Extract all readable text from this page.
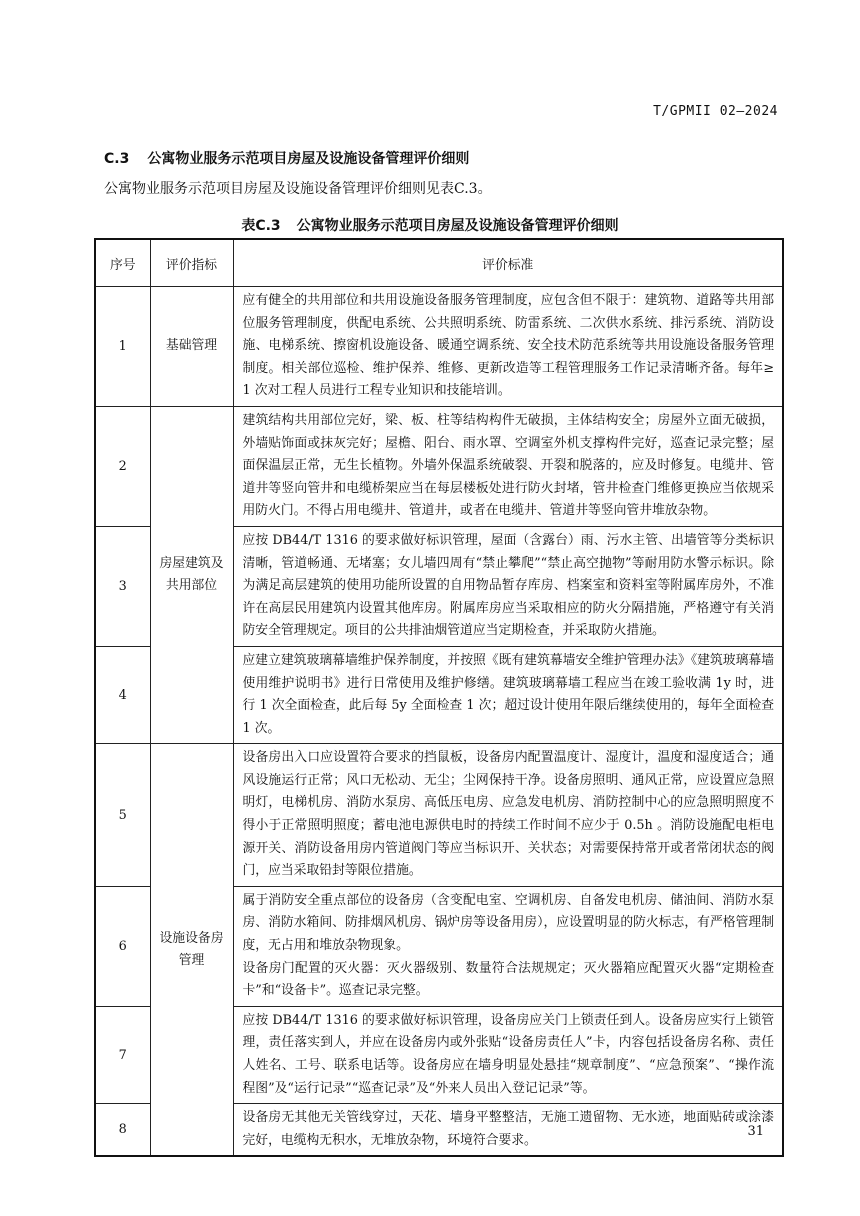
T/GPMII 02—2024
C.3 公寓物业服务示范项目房屋及设施设备管理评价细则
公寓物业服务示范项目房屋及设施设备管理评价细则见表C.3。
表C.3 公寓物业服务示范项目房屋及设施设备管理评价细则
序号	评价指标	评价标准
1	基础管理	应有健全的共用部位和共用设施设备服务管理制度，应包含但不限于：建筑物、道路等共用部位服务管理制度，供配电系统、公共照明系统、防雷系统、二次供水系统、排污系统、消防设施、电梯系统、擦窗机设施设备、暖通空调系统、安全技术防范系统等共用设施设备服务管理制度。相关部位巡检、维护保养、维修、更新改造等工程管理服务工作记录清晰齐备。每年≥ 1 次对工程人员进行工程专业知识和技能培训。

2	房屋建筑及共用部位	建筑结构共用部位完好，梁、板、柱等结构构件无破损，主体结构安全；房屋外立面无破损，外墙贴饰面或抹灰完好；屋檐、阳台、雨水罩、空调室外机支撑构件完好，巡查记录完整；屋面保温层正常，无生长植物。外墙外保温系统破裂、开裂和脱落的，应及时修复。电缆井、管道井等竖向管井和电缆桥架应当在每层楼板处进行防火封堵，管井检查门维修更换应当依规采用防火门。不得占用电缆井、管道井，或者在电缆井、管道井等竖向管井堆放杂物。

3		应按 DB44/T 1316 的要求做好标识管理，屋面（含露台）雨、污水主管、出墙管等分类标识清晰，管道畅通、无堵塞；女儿墙四周有“禁止攀爬”“禁止高空抛物”等耐用防水警示标识。除为满足高层建筑的使用功能所设置的自用物品暂存库房、档案室和资料室等附属库房外，不准许在高层民用建筑内设置其他库房。附属库房应当采取相应的防火分隔措施，严格遵守有关消防安全管理规定。项目的公共排油烟管道应当定期检查，并采取防火措施。

4		应建立建筑玻璃幕墙维护保养制度，并按照《既有建筑幕墙安全维护管理办法》《建筑玻璃幕墙使用维护说明书》进行日常使用及维护修缮。建筑玻璃幕墙工程应当在竣工验收满 1y 时，进行 1 次全面检查，此后每 5y 全面检查 1 次；超过设计使用年限后继续使用的，每年全面检查 1 次。

5	设施设备房管理	设备房出入口应设置符合要求的挡鼠板，设备房内配置温度计、湿度计，温度和湿度适合；通风设施运行正常；风口无松动、无尘；尘网保持干净。设备房照明、通风正常，应设置应急照明灯，电梯机房、消防水泵房、高低压电房、应急发电机房、消防控制中心的应急照明照度不得小于正常照明照度；蓄电池电源供电时的持续工作时间不应少于 0.5h 。消防设施配电柜电源开关、消防设备用房内管道阀门等应当标识开、关状态；对需要保持常开或者常闭状态的阀门，应当采取铅封等限位措施。

6		属于消防安全重点部位的设备房（含变配电室、空调机房、自备发电机房、储油间、消防水泵房、消防水箱间、防排烟风机房、锅炉房等设备用房），应设置明显的防火标志，有严格管理制度，无占用和堆放杂物现象。

设备房门配置的灭火器：灭火器级别、数量符合法规规定；灭火器箱应配置灭火器“定期检查卡”和“设备卡”。巡查记录完整。

7		应按 DB44/T 1316 的要求做好标识管理，设备房应关门上锁责任到人。设备房应实行上锁管理，责任落实到人，并应在设备房内或外张贴“设备房责任人”卡，内容包括设备房名称、责任人姓名、工号、联系电话等。设备房应在墙身明显处悬挂“规章制度”、“应急预案”、“操作流程图”及“运行记录”“巡查记录”及“外来人员出入登记记录”等。

8		设备房无其他无关管线穿过，天花、墙身平整整洁，无施工遗留物、无水迹，地面贴砖或涂漆完好，电缆构无积水，无堆放杂物，环境符合要求。

31
